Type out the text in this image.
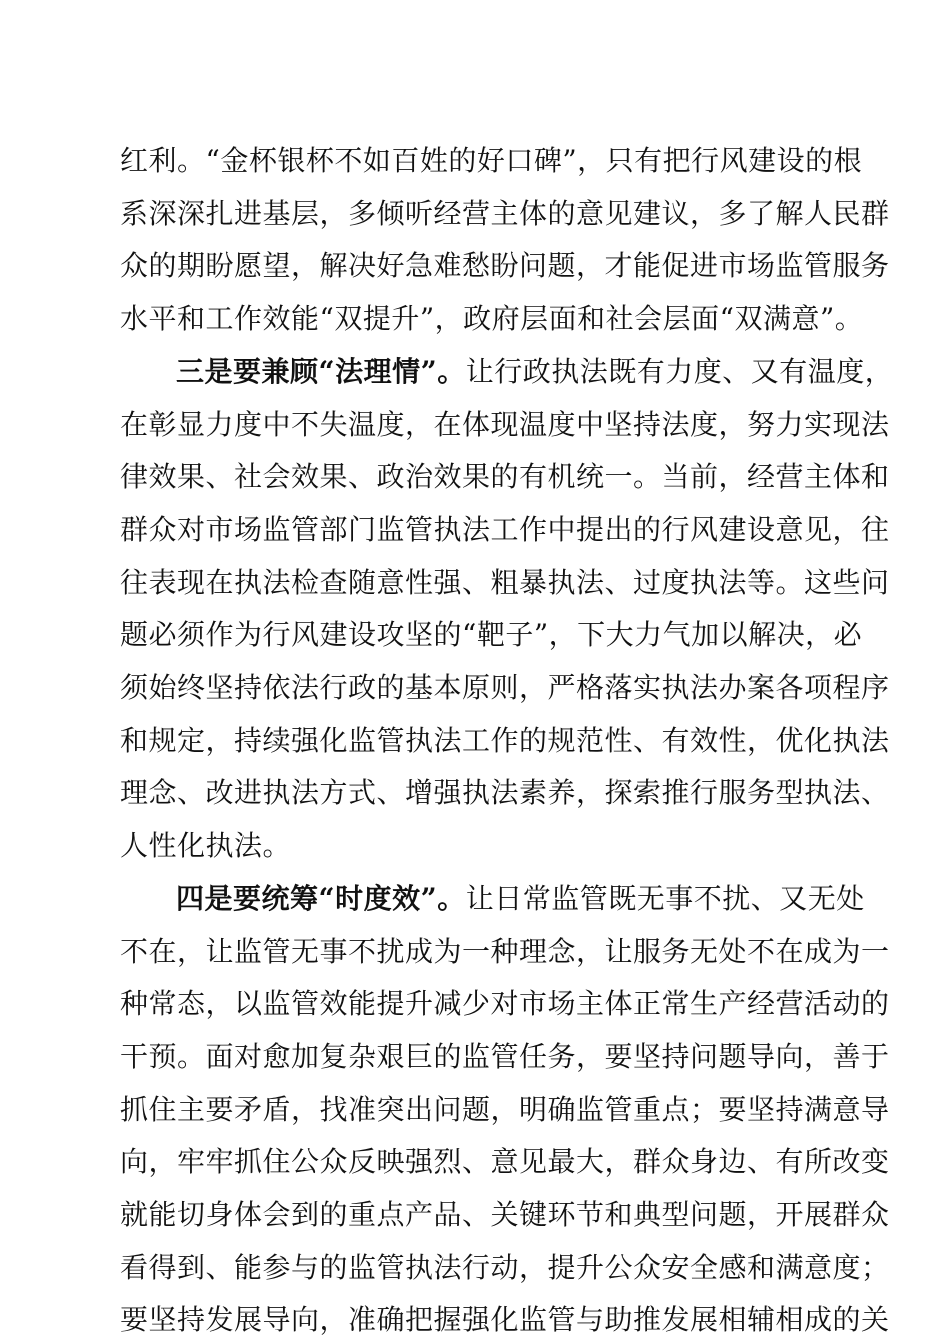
红利。“金杯银杯不如百姓的好口碑”，只有把行风建设的根
系深深扎进基层，多倾听经营主体的意见建议，多了解人民群
众的期盼愿望，解决好急难愁盼问题，才能促进市场监管服务
水平和工作效能“双提升”，政府层面和社会层面“双满意”。
三是要兼顾“法理情”。让行政执法既有力度、又有温度，
在彰显力度中不失温度，在体现温度中坚持法度，努力实现法
律效果、社会效果、政治效果的有机统一。当前，经营主体和
群众对市场监管部门监管执法工作中提出的行风建设意见，往
往表现在执法检查随意性强、粗暴执法、过度执法等。这些问
题必须作为行风建设攻坚的“靶子”，下大力气加以解决，必
须始终坚持依法行政的基本原则，严格落实执法办案各项程序
和规定，持续强化监管执法工作的规范性、有效性，优化执法
理念、改进执法方式、增强执法素养，探索推行服务型执法、
人性化执法。
四是要统筹“时度效”。让日常监管既无事不扰、又无处
不在，让监管无事不扰成为一种理念，让服务无处不在成为一
种常态，以监管效能提升减少对市场主体正常生产经营活动的
干预。面对愈加复杂艰巨的监管任务，要坚持问题导向，善于
抓住主要矛盾，找准突出问题，明确监管重点；要坚持满意导
向，牢牢抓住公众反映强烈、意见最大，群众身边、有所改变
就能切身体会到的重点产品、关键环节和典型问题，开展群众
看得到、能参与的监管执法行动，提升公众安全感和满意度；
要坚持发展导向，准确把握强化监管与助推发展相辅相成的关
